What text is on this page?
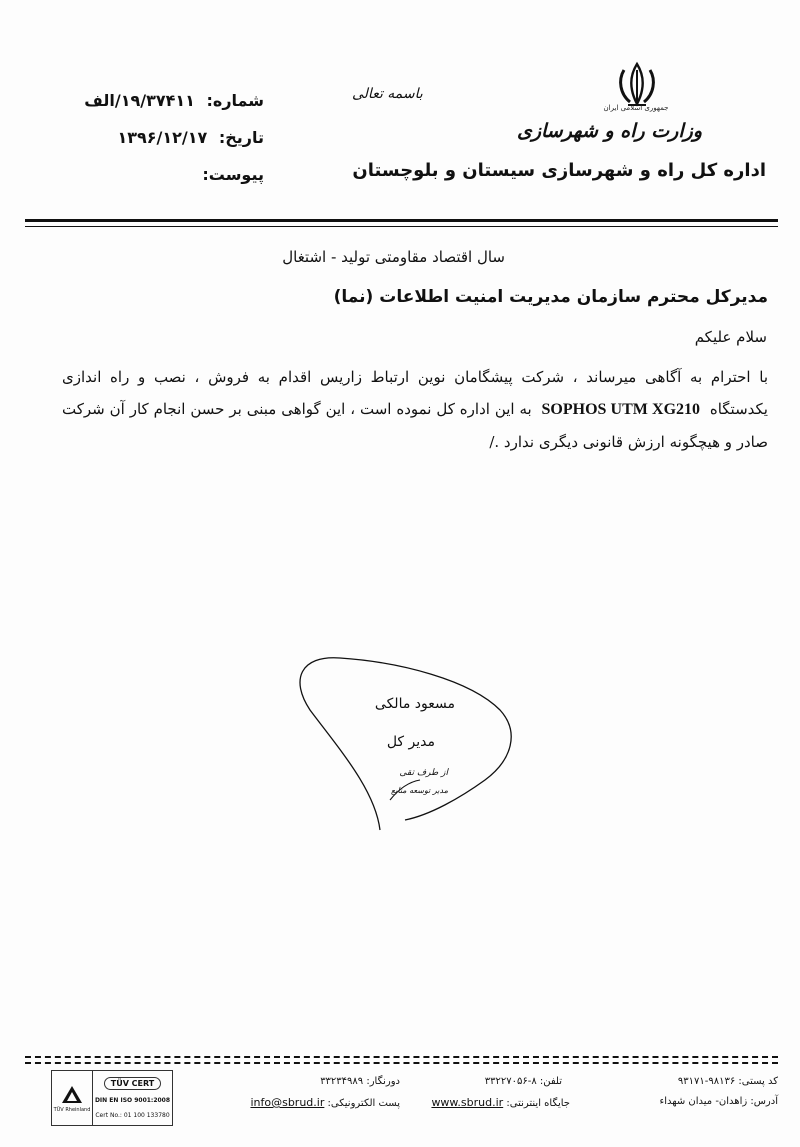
جمهوری اسلامی ایران
وزارت راه و شهرسازی
اداره کل راه و شهرسازی سیستان و بلوچستان
باسمه تعالی
شماره: ۱۹/۳۷۴۱۱/الف
تاریخ: ۱۳۹۶/۱۲/۱۷
پیوست:
سال اقتصاد مقاومتی تولید - اشتغال
مدیرکل محترم سازمان مدیریت امنیت اطلاعات (نما)
سلام علیکم
با احترام به آگاهی میرساند ، شرکت پیشگامان نوین ارتباط زاریس اقدام به فروش ، نصب و راه اندازی یکدستگاه  SOPHOS UTM XG210  به این اداره کل نموده است ، این گواهی مبنی بر حسن انجام کار آن شرکت صادر و هیچگونه ارزش قانونی دیگری ندارد ./
مسعود مالکی
مدیر کل
از طرف تقی
مدیر توسعه منابع
کد پستی: ۹۸۱۳۶-۹۳۱۷۱
تلفن: ۸-۳۳۲۲۷۰۵۶
دورنگار: ۳۳۲۳۴۹۸۹
آدرس: زاهدان- میدان شهداء
جایگاه اینترنتی: www.sbrud.ir
پست الکترونیکی: info@sbrud.ir
TÜV Rheinland
TÜV CERT
DIN EN ISO 9001:2008
Cert No.: 01 100 133780
